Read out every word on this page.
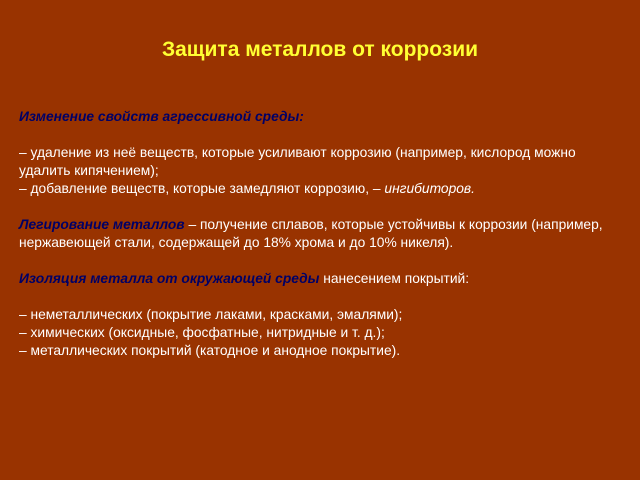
Защита металлов от коррозии

Изменение свойств агрессивной среды:

– удаление из неё веществ, которые усиливают коррозию (например, кислород можно удалить кипячением);

– добавление веществ, которые замедляют коррозию, – ингибиторов.

Легирование металлов – получение сплавов, которые устойчивы к коррозии (например, нержавеющей стали, содержащей до 18% хрома и до 10% никеля).

Изоляция металла от окружающей среды нанесением покрытий:

– неметаллических (покрытие лаками, красками, эмалями);

– химических (оксидные, фосфатные, нитридные и т. д.);

– металлических покрытий (катодное и анодное покрытие).
